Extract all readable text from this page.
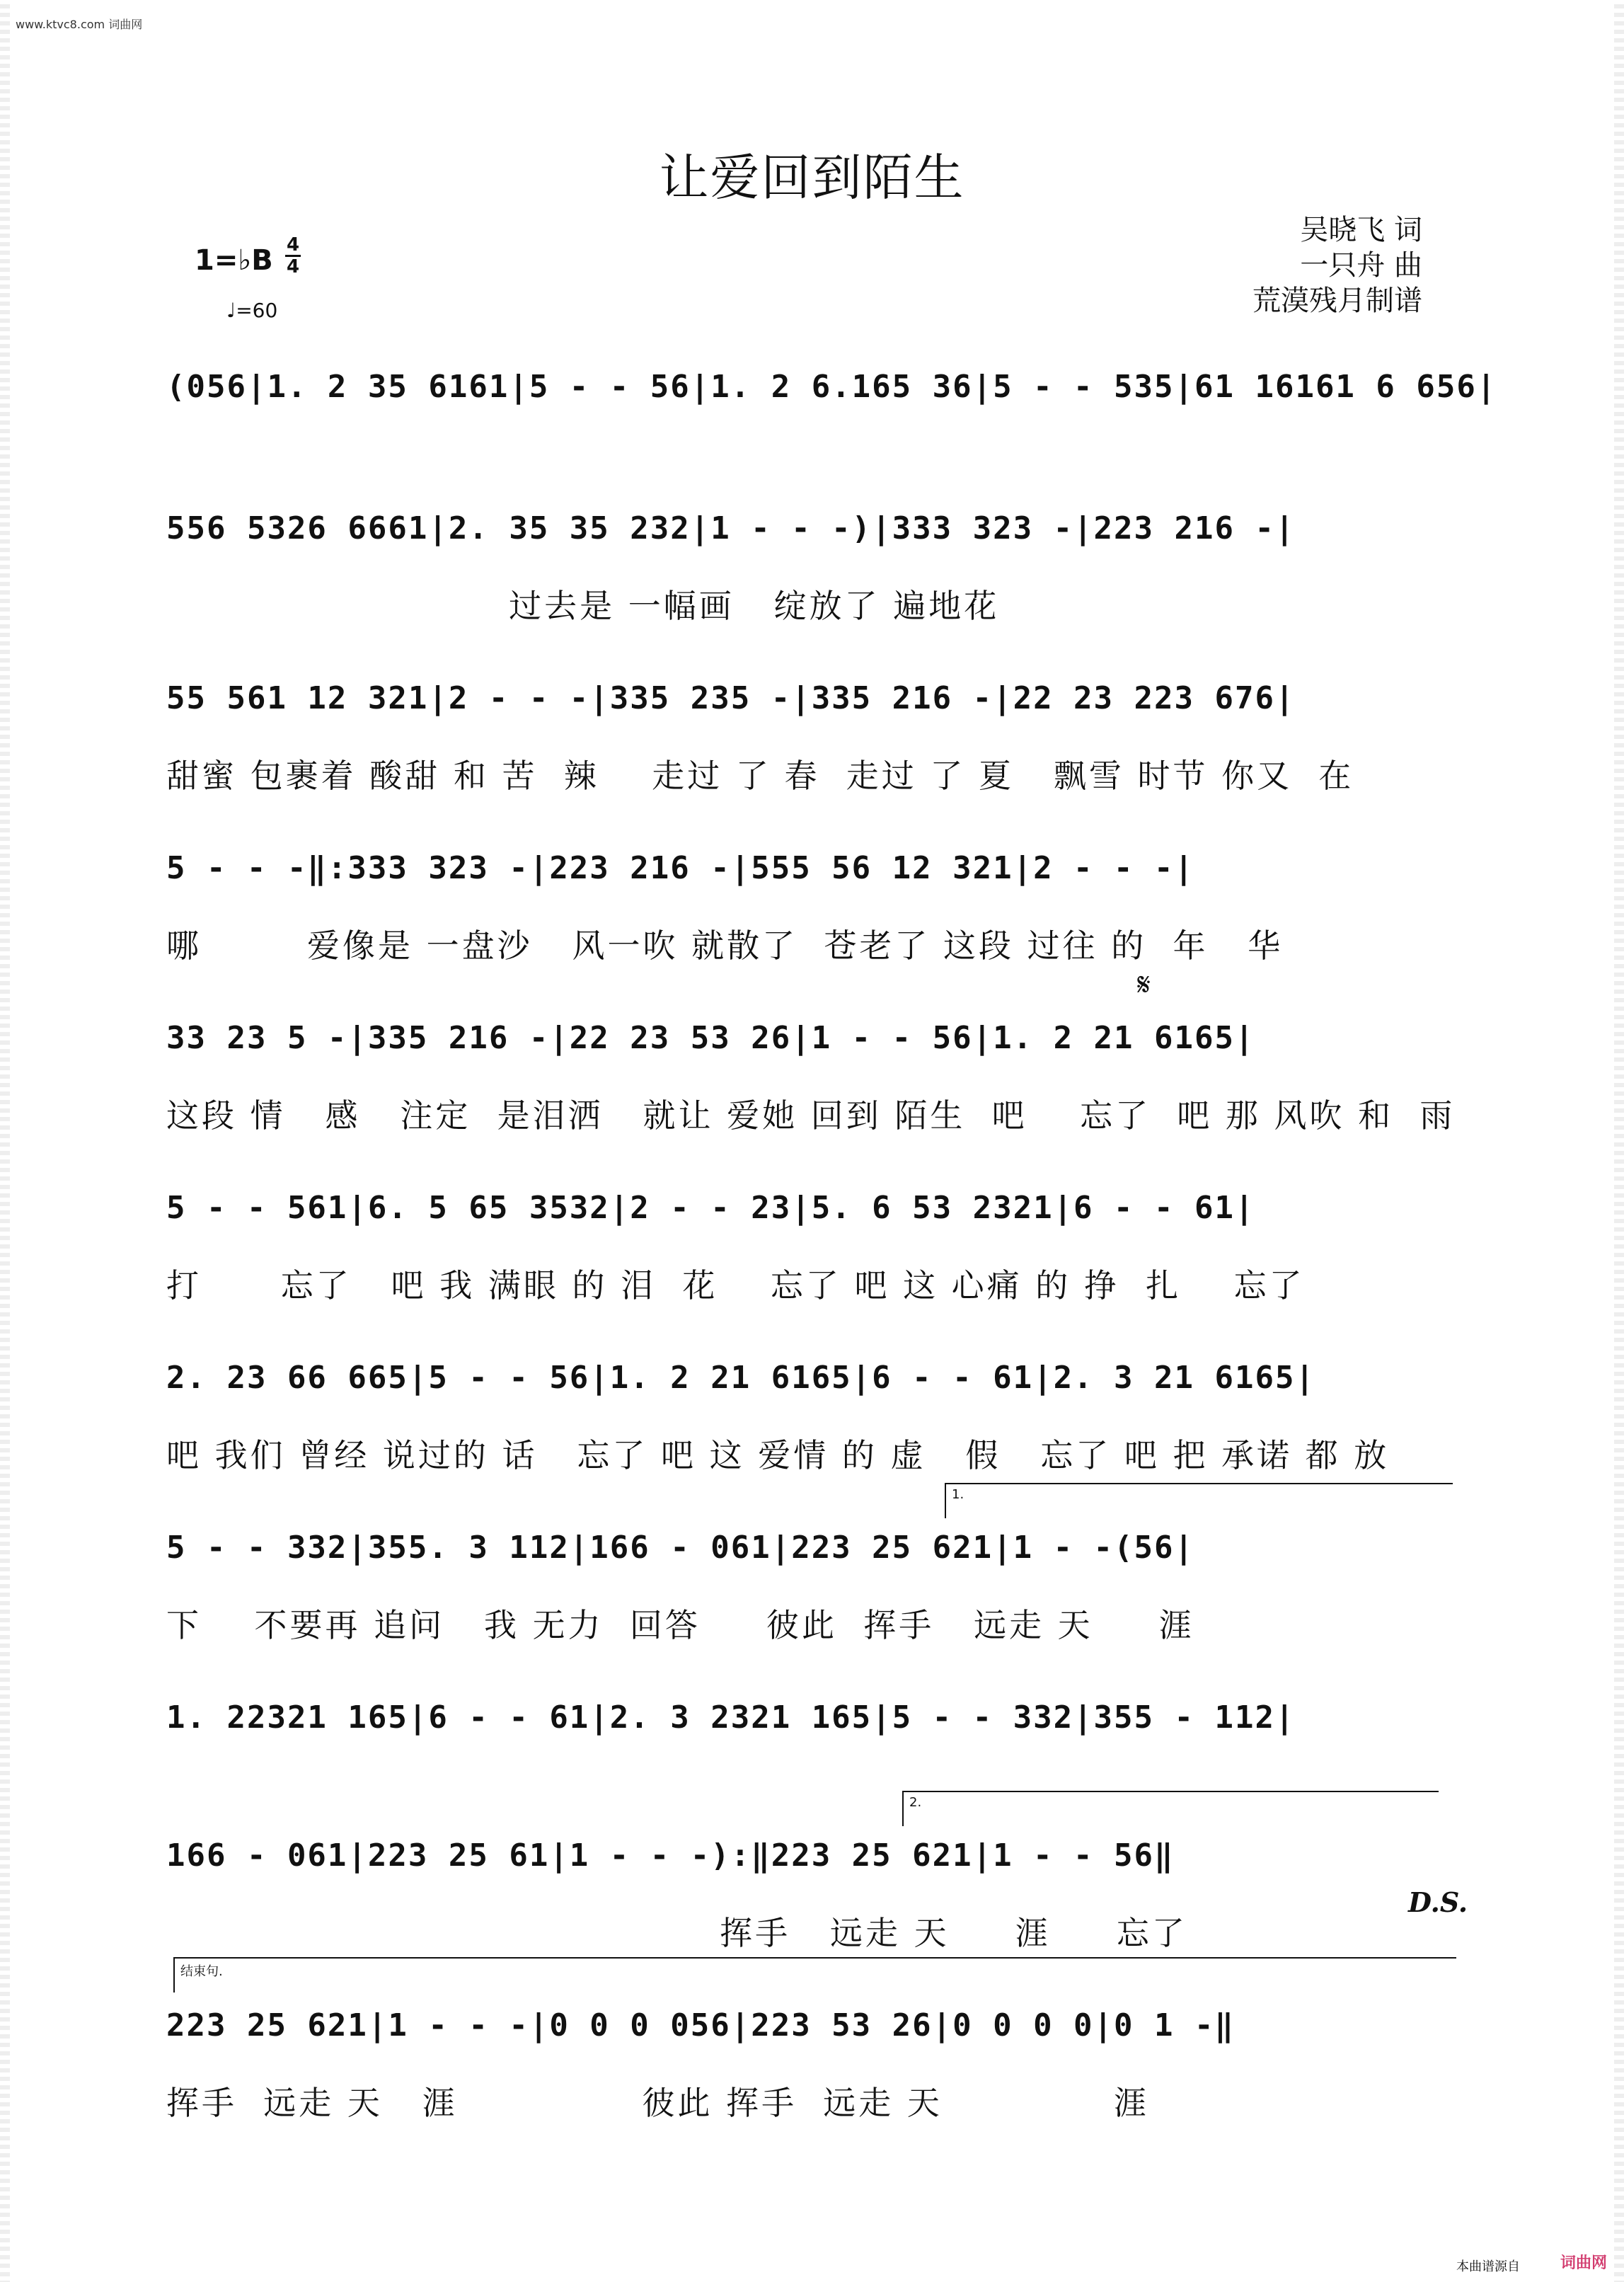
www.ktvc8.com 词曲网
让爱回到陌生
吴晓飞 词
一只舟 曲
荒漠残月制谱
1=♭B 4
4
♩=60
(056|1. 2 35 6161|5 - - 56|1. 2 6.165 36|5 - - 535|61 16161 6 656|
556 5326 6661|2. 35 35 232|1 - - -)|333 323 -|223 216 -|
过去是 一幅画   绽放了 遍地花
55 561 12 321|2 - - -|335 235 -|335 216 -|22 23 223 676|
甜蜜 包裹着 酸甜 和 苦  辣    走过 了 春  走过 了 夏   飘雪 时节 你又  在
5 - - -‖:333 323 -|223 216 -|555 56 12 321|2 - - -|
哪        爱像是 一盘沙   风一吹 就散了  苍老了 这段 过往 的  年   华
33 23 5 -|335 216 -|22 23 53 26|1 - - 56|1. 2 21 6165|
这段 情   感   注定  是泪洒   就让 爱她 回到 陌生  吧    忘了  吧 那 风吹 和  雨
5 - - 561|6. 5 65 3532|2 - - 23|5. 6 53 2321|6 - - 61|
打      忘了   吧 我 满眼 的 泪  花    忘了 吧 这 心痛 的 挣  扎    忘了
2. 23 66 665|5 - - 56|1. 2 21 6165|6 - - 61|2. 3 21 6165|
吧 我们 曾经 说过的 话   忘了 吧 这 爱情 的 虚   假   忘了 吧 把 承诺 都 放
5 - - 332|355. 3 112|166 - 061|223 25 621|1 - -(56|
下    不要再 追问   我 无力  回答     彼此  挥手   远走 天     涯
1. 22321 165|6 - - 61|2. 3 2321 165|5 - - 332|355 - 112|
166 - 061|223 25 61|1 - - -):‖223 25 621|1 - - 56‖
挥手   远走 天     涯     忘了
223 25 621|1 - - -|0 0 0 056|223 53 26|0 0 0 0|0 1 -‖
挥手  远走 天   涯              彼此 挥手  远走 天             涯
𝄋
D.S.
1.
2.
结束句.
本曲谱源自	词曲网
